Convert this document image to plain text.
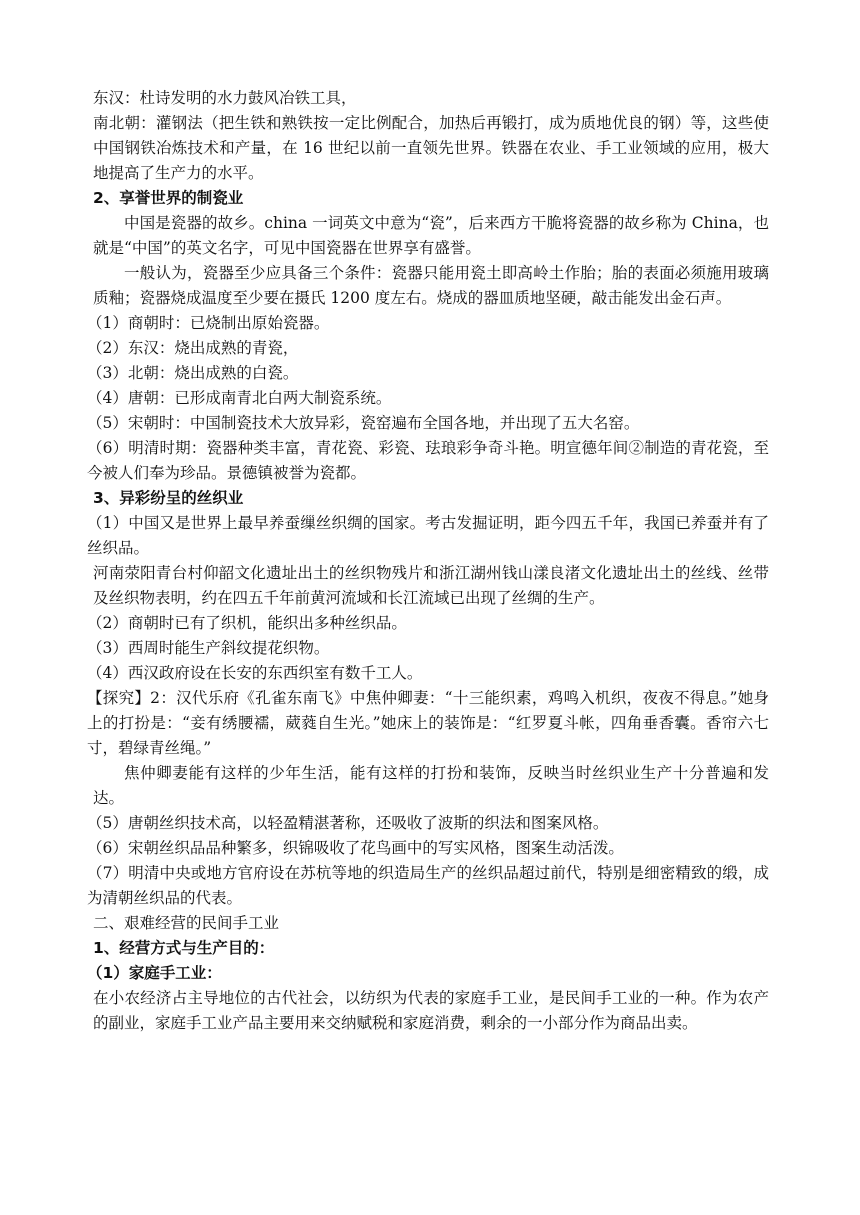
东汉：杜诗发明的水力鼓风冶铁工具，

南北朝：灌钢法（把生铁和熟铁按一定比例配合，加热后再锻打，成为质地优良的钢）等，这些使中国钢铁冶炼技术和产量，在 16 世纪以前一直领先世界。铁器在农业、手工业领域的应用，极大地提高了生产力的水平。

2、享誉世界的制瓷业

中国是瓷器的故乡。china 一词英文中意为“瓷”，后来西方干脆将瓷器的故乡称为 China，也就是“中国”的英文名字，可见中国瓷器在世界享有盛誉。

一般认为，瓷器至少应具备三个条件：瓷器只能用瓷土即高岭土作胎；胎的表面必须施用玻璃质釉；瓷器烧成温度至少要在摄氏 1200 度左右。烧成的器皿质地坚硬，敲击能发出金石声。

（1）商朝时：已烧制出原始瓷器。

（2）东汉：烧出成熟的青瓷，

（3）北朝：烧出成熟的白瓷。

（4）唐朝：已形成南青北白两大制瓷系统。

（5）宋朝时：中国制瓷技术大放异彩，瓷窑遍布全国各地，并出现了五大名窑。

（6）明清时期：瓷器种类丰富，青花瓷、彩瓷、珐琅彩争奇斗艳。明宣德年间②制造的青花瓷，至今被人们奉为珍品。景德镇被誉为瓷都。

3、异彩纷呈的丝织业

（1）中国又是世界上最早养蚕缫丝织绸的国家。考古发掘证明，距今四五千年，我国已养蚕并有了丝织品。

河南荥阳青台村仰韶文化遗址出土的丝织物残片和浙江湖州钱山漾良渚文化遗址出土的丝线、丝带及丝织物表明，约在四五千年前黄河流域和长江流域已出现了丝绸的生产。

（2）商朝时已有了织机，能织出多种丝织品。

（3）西周时能生产斜纹提花织物。

（4）西汉政府设在长安的东西织室有数千工人。

【探究】2：汉代乐府《孔雀东南飞》中焦仲卿妻：“十三能织素，鸡鸣入机织，夜夜不得息。”她身上的打扮是：“妾有绣腰襦，葳蕤自生光。”她床上的装饰是：“红罗夏斗帐，四角垂香囊。香帘六七寸，碧绿青丝绳。”

焦仲卿妻能有这样的少年生活，能有这样的打扮和装饰，反映当时丝织业生产十分普遍和发达。

（5）唐朝丝织技术高，以轻盈精湛著称，还吸收了波斯的织法和图案风格。

（6）宋朝丝织品品种繁多，织锦吸收了花鸟画中的写实风格，图案生动活泼。

（7）明清中央或地方官府设在苏杭等地的织造局生产的丝织品超过前代，特别是细密精致的缎，成为清朝丝织品的代表。

二、艰难经营的民间手工业

1、经营方式与生产目的：

（1）家庭手工业：

在小农经济占主导地位的古代社会，以纺织为代表的家庭手工业，是民间手工业的一种。作为农产的副业，家庭手工业产品主要用来交纳赋税和家庭消费，剩余的一小部分作为商品出卖。
